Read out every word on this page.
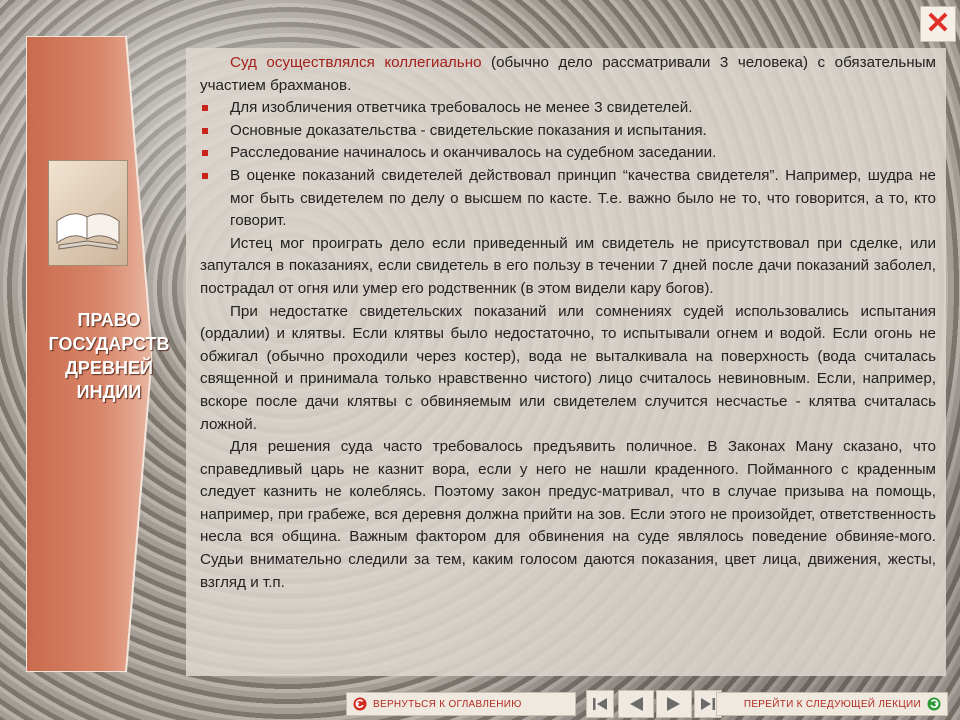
ПРАВО ГОСУДАРСТВ ДРЕВНЕЙ ИНДИИ
✕

Суд осуществлялся коллегиально (обычно дело рассматривали 3 человека) с обязательным участием брахманов.

Для изобличения ответчика требовалось не менее 3 свидетелей.

Основные доказательства - свидетельские показания и испытания.

Расследование начиналось и оканчивалось на судебном заседании.

В оценке показаний свидетелей действовал принцип “качества свидетеля”. Например, шудра не мог быть свидетелем по делу о высшем по касте. Т.е. важно было не то, что говорится, а то, кто говорит.

Истец мог проиграть дело если приведенный им свидетель не присутствовал при сделке, или запутался в показаниях, если свидетель в его пользу в течении 7 дней после дачи показаний заболел, пострадал от огня или умер его родственник (в этом видели кару богов).

При недостатке свидетельских показаний или сомнениях судей использовались испытания (ордалии) и клятвы. Если клятвы было недостаточно, то испытывали огнем и водой. Если огонь не обжигал (обычно проходили через костер), вода не выталкивала на поверхность (вода считалась священной и принимала только нравственно чистого) лицо считалось невиновным. Если, например, вскоре после дачи клятвы с обвиняемым или свидетелем случится несчастье - клятва считалась ложной.

Для решения суда часто требовалось предъявить поличное. В Законах Ману сказано, что справедливый царь не казнит вора, если у него не нашли краденного. Пойманного с краденным следует казнить не колеблясь. Поэтому закон предус-матривал, что в случае призыва на помощь, например, при грабеже, вся деревня должна прийти на зов. Если этого не произойдет, ответственность несла вся община. Важным фактором для обвинения на суде являлось поведение обвиняе-мого. Судьи внимательно следили за тем, каким голосом даются показания, цвет лица, движения, жесты, взгляд и т.п.

ВЕРНУТЬСЯ К ОГЛАВЛЕНИЮ	ПЕРЕЙТИ К СЛЕДУЮЩЕЙ ЛЕКЦИИ
